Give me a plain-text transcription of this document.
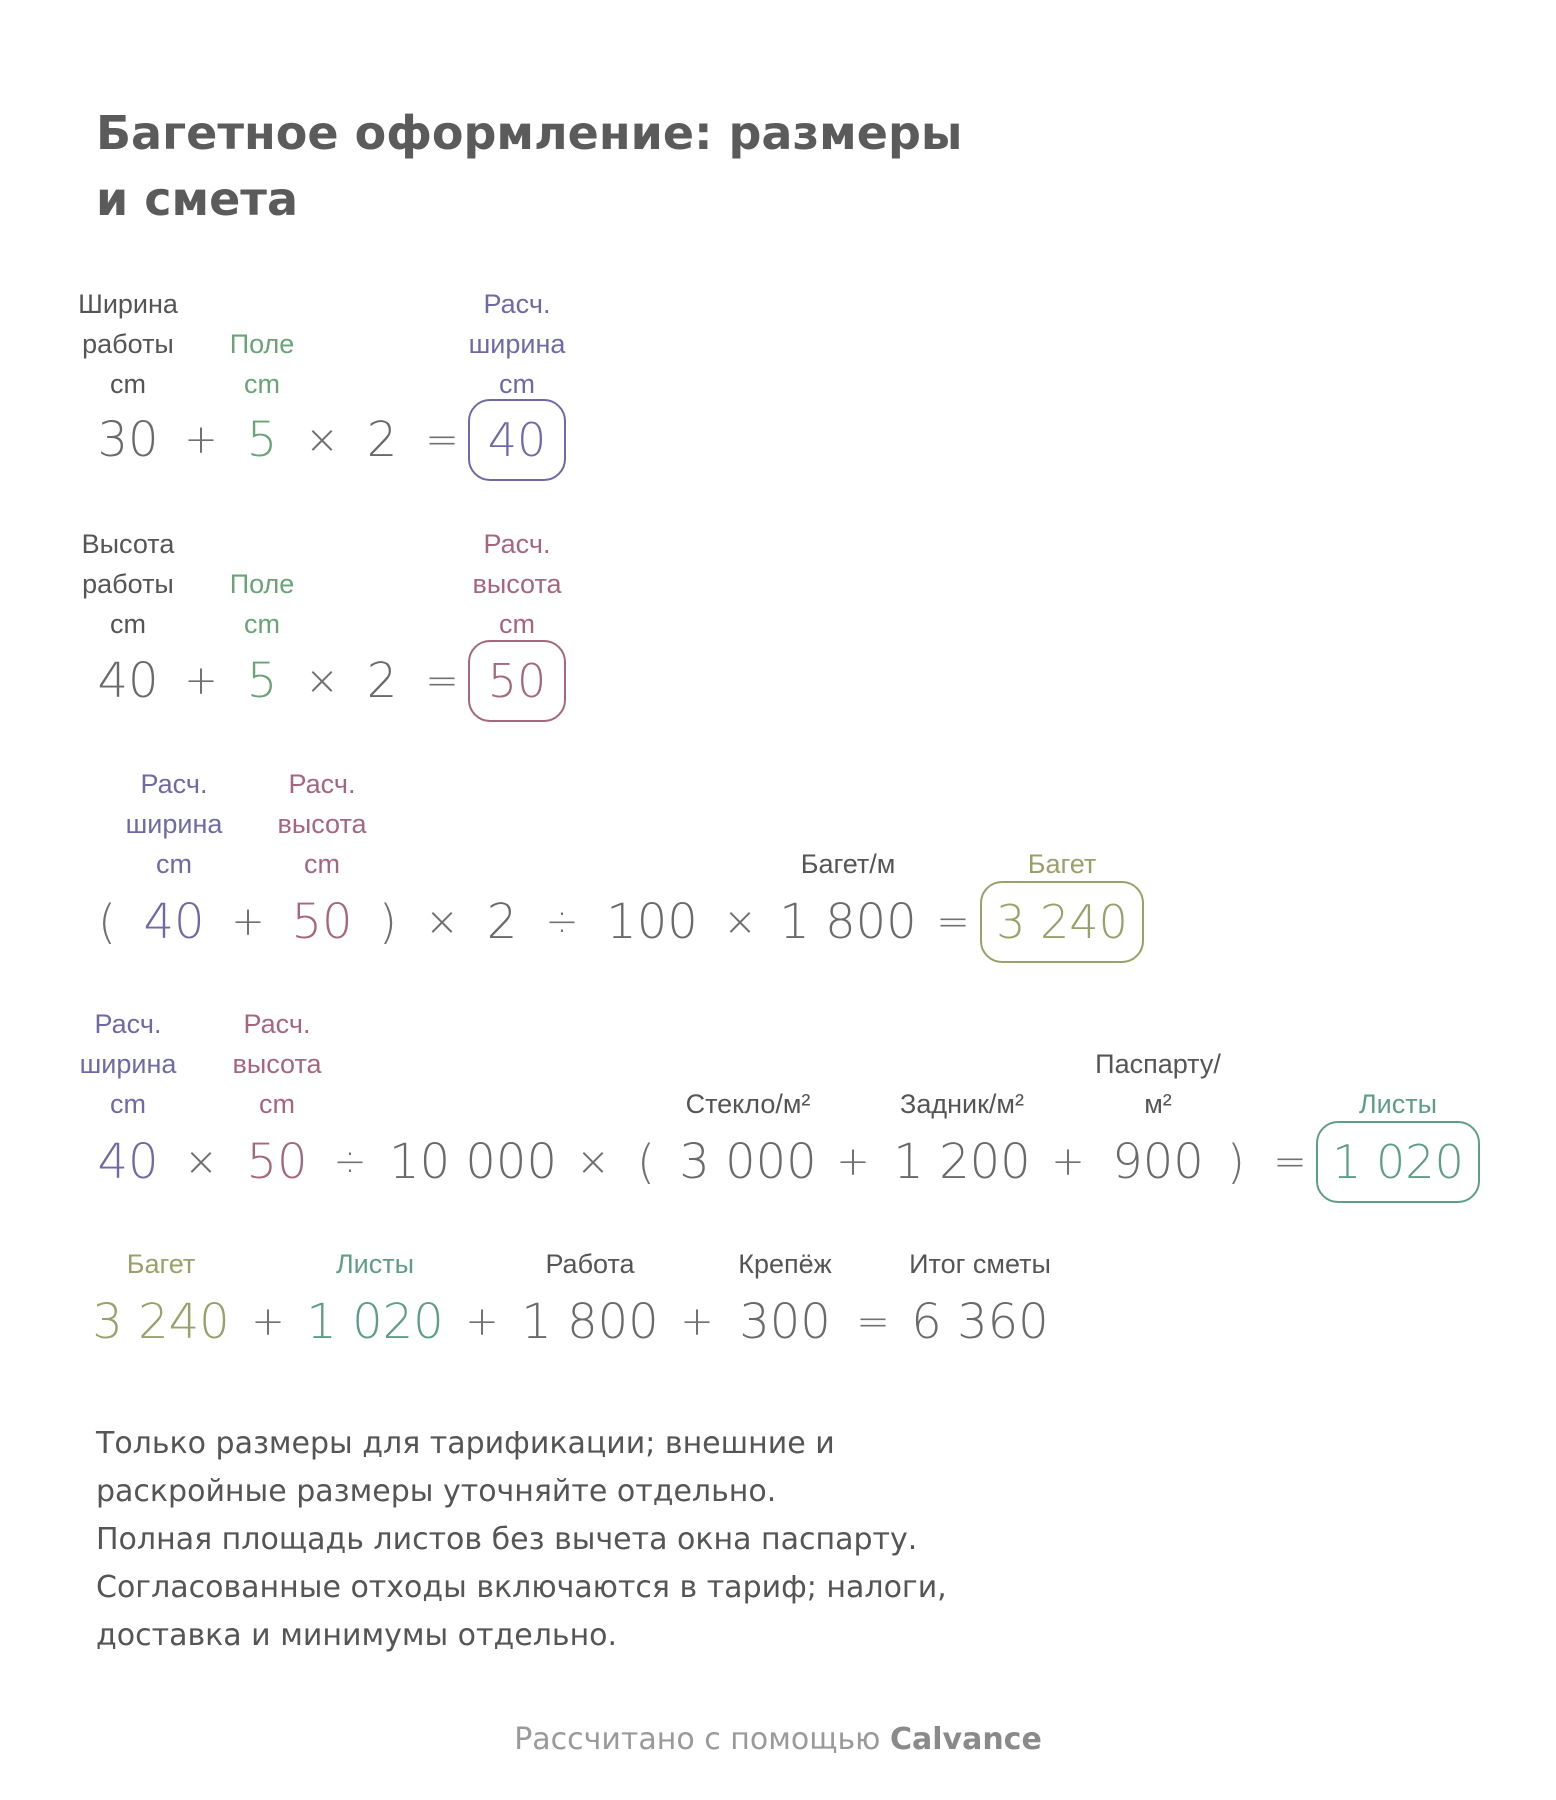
Багетное оформление: размеры и смета
Ширина
работы
cm
Поле
cm
Расч.
ширина
cm
30 + 5 × 2 = 40
Высота
работы
cm
Поле
cm
Расч.
высота
cm
40 + 5 × 2 = 50
Расч.
ширина
cm
Расч.
высота
cm	Багет/м	Багет
( 40 + 50 ) × 2 ÷ 100 × 1 800 = 3 240
Расч.
ширина
cm
Расч.
высота
cm	Стекло/м²	Задник/м²
Паспарту/
м²	Листы
40 × 50 ÷ 10 000 × ( 3 000 + 1 200 + 900 ) = 1 020
Багет	Листы	Работа	Крепёж	Итог сметы
3 240 + 1 020 + 1 800 + 300 = 6 360

Только размеры для тарификации; внешние и раскройные размеры уточняйте отдельно.

Полная площадь листов без вычета окна паспарту.

Согласованные отходы включаются в тариф; налоги, доставка и минимумы отдельно.

Рассчитано с помощью Calvance
